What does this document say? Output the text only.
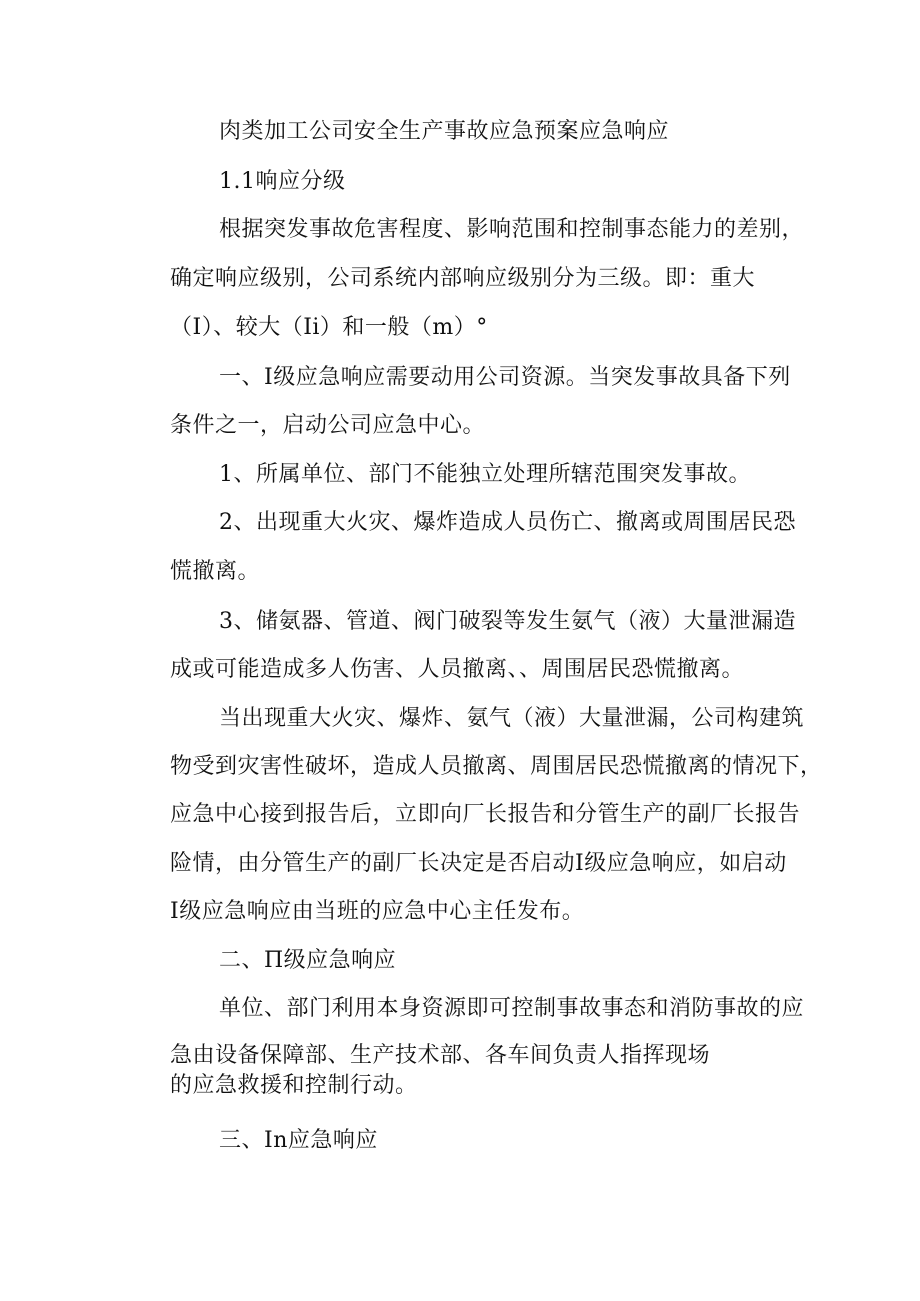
肉类加工公司安全生产事故应急预案应急响应
1.1响应分级
根据突发事故危害程度、影响范围和控制事态能力的差别，
确定响应级别，公司系统内部响应级别分为三级。即：重大
（I）、较大（Ii）和一般（m）°
一、I级应急响应需要动用公司资源。当突发事故具备下列
条件之一，启动公司应急中心。
1、所属单位、部门不能独立处理所辖范围突发事故。
2、出现重大火灾、爆炸造成人员伤亡、撤离或周围居民恐
慌撤离。
3、储氨器、管道、阀门破裂等发生氨气（液）大量泄漏造
成或可能造成多人伤害、人员撤离、、周围居民恐慌撤离。
当出现重大火灾、爆炸、氨气（液）大量泄漏，公司构建筑
物受到灾害性破坏，造成人员撤离、周围居民恐慌撤离的情况下，
应急中心接到报告后，立即向厂长报告和分管生产的副厂长报告
险情，由分管生产的副厂长决定是否启动I级应急响应，如启动
I级应急响应由当班的应急中心主任发布。
二、Π级应急响应
单位、部门利用本身资源即可控制事故事态和消防事故的应
急由设备保障部、生产技术部、各车间负责人指挥现场
的应急救援和控制行动。
三、In应急响应
